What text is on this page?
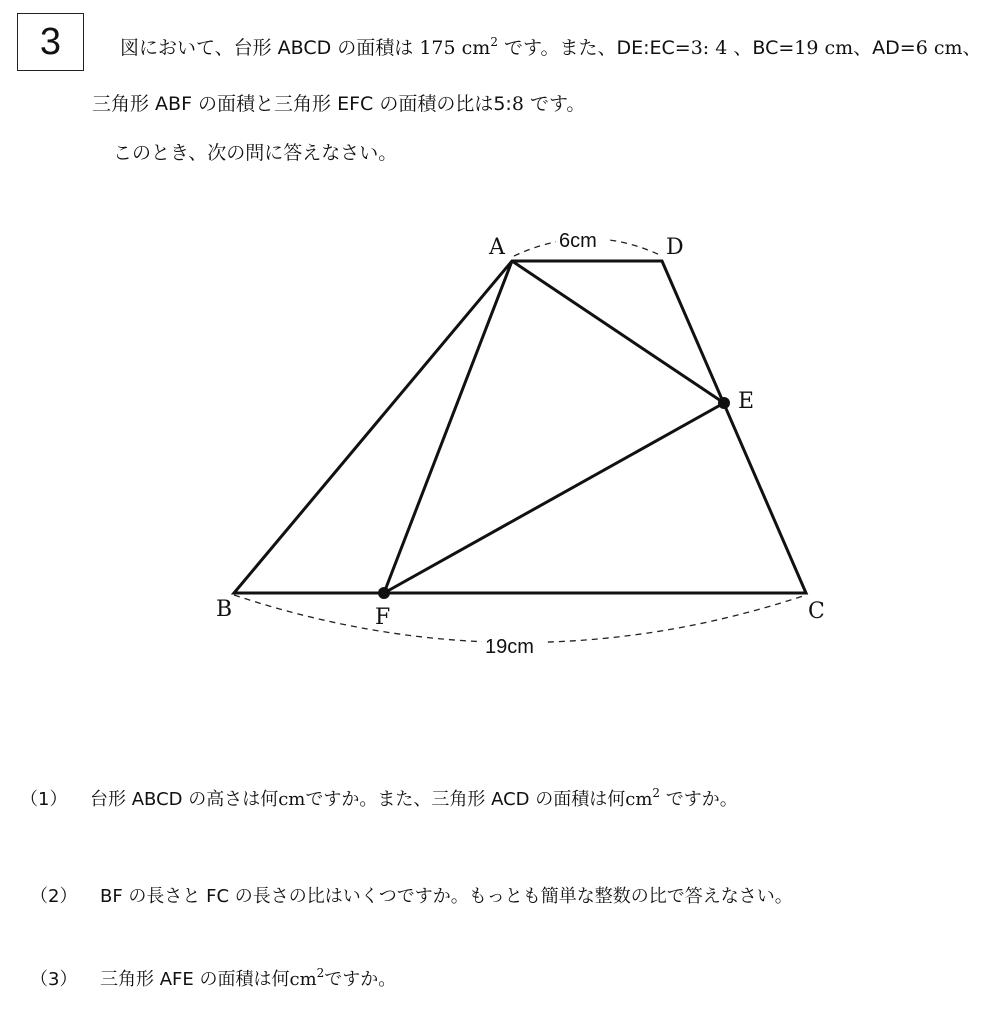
3	図において、台形 ABCD の面積は 175 $cm^2$ です。また、DE:EC=3: 4 、BC=19 cm、AD=6 cm、
三角形 ABF の面積と三角形 EFC の面積の比は5:8 です。
このとき、次の問に答えなさい。
A	D
E
B	F	C
6cm
19cm
（1） 台形 ABCD の高さは何cmですか。また、三角形 ACD の面積は何$cm^2$ ですか。
（2） BF の長さと FC の長さの比はいくつですか。もっとも簡単な整数の比で答えなさい。
（3） 三角形 AFE の面積は何$cm^2$ですか。
